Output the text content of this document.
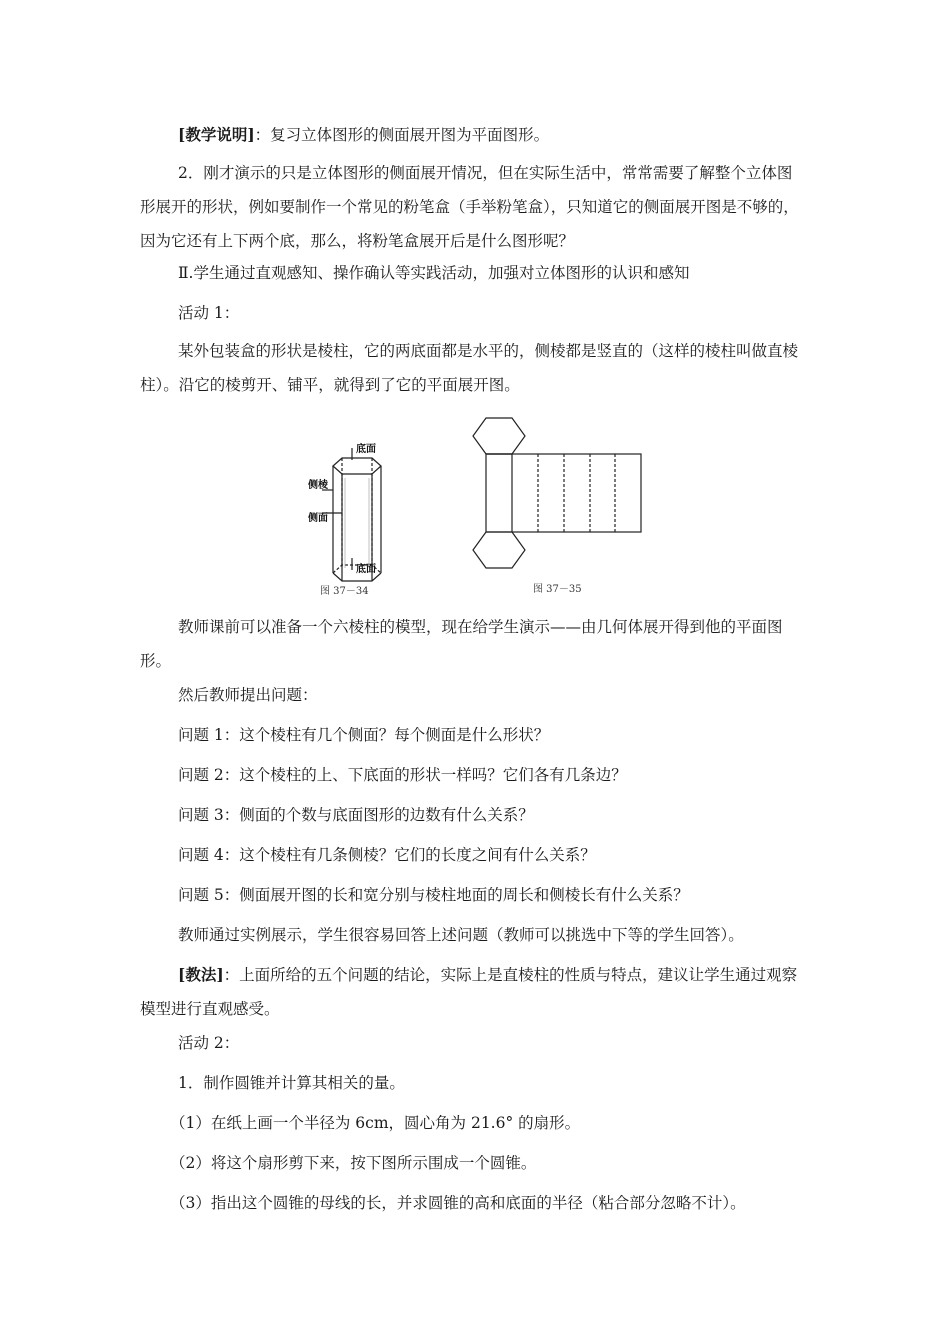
[教学说明]：复习立体图形的侧面展开图为平面图形。

2．刚才演示的只是立体图形的侧面展开情况，但在实际生活中，常常需要了解整个立体图形展开的形状，例如要制作一个常见的粉笔盒（手举粉笔盒），只知道它的侧面展开图是不够的，因为它还有上下两个底，那么，将粉笔盒展开后是什么图形呢？

Ⅱ.学生通过直观感知、操作确认等实践活动，加强对立体图形的认识和感知

活动 1：

某外包装盒的形状是棱柱，它的两底面都是水平的，侧棱都是竖直的（这样的棱柱叫做直棱柱）。沿它的棱剪开、铺平，就得到了它的平面展开图。

底面
底面
侧棱
侧面
图 37－34	图 37－35

教师课前可以准备一个六棱柱的模型，现在给学生演示——由几何体展开得到他的平面图形。

然后教师提出问题：

问题 1：这个棱柱有几个侧面？每个侧面是什么形状？

问题 2：这个棱柱的上、下底面的形状一样吗？它们各有几条边？

问题 3：侧面的个数与底面图形的边数有什么关系？

问题 4：这个棱柱有几条侧棱？它们的长度之间有什么关系？

问题 5：侧面展开图的长和宽分别与棱柱地面的周长和侧棱长有什么关系？

教师通过实例展示，学生很容易回答上述问题（教师可以挑选中下等的学生回答）。

[教法]：上面所给的五个问题的结论，实际上是直棱柱的性质与特点，建议让学生通过观察模型进行直观感受。

活动 2：

1．制作圆锥并计算其相关的量。

（1）在纸上画一个半径为 6cm，圆心角为 21.6° 的扇形。

（2）将这个扇形剪下来，按下图所示围成一个圆锥。

（3）指出这个圆锥的母线的长，并求圆锥的高和底面的半径（粘合部分忽略不计）。
